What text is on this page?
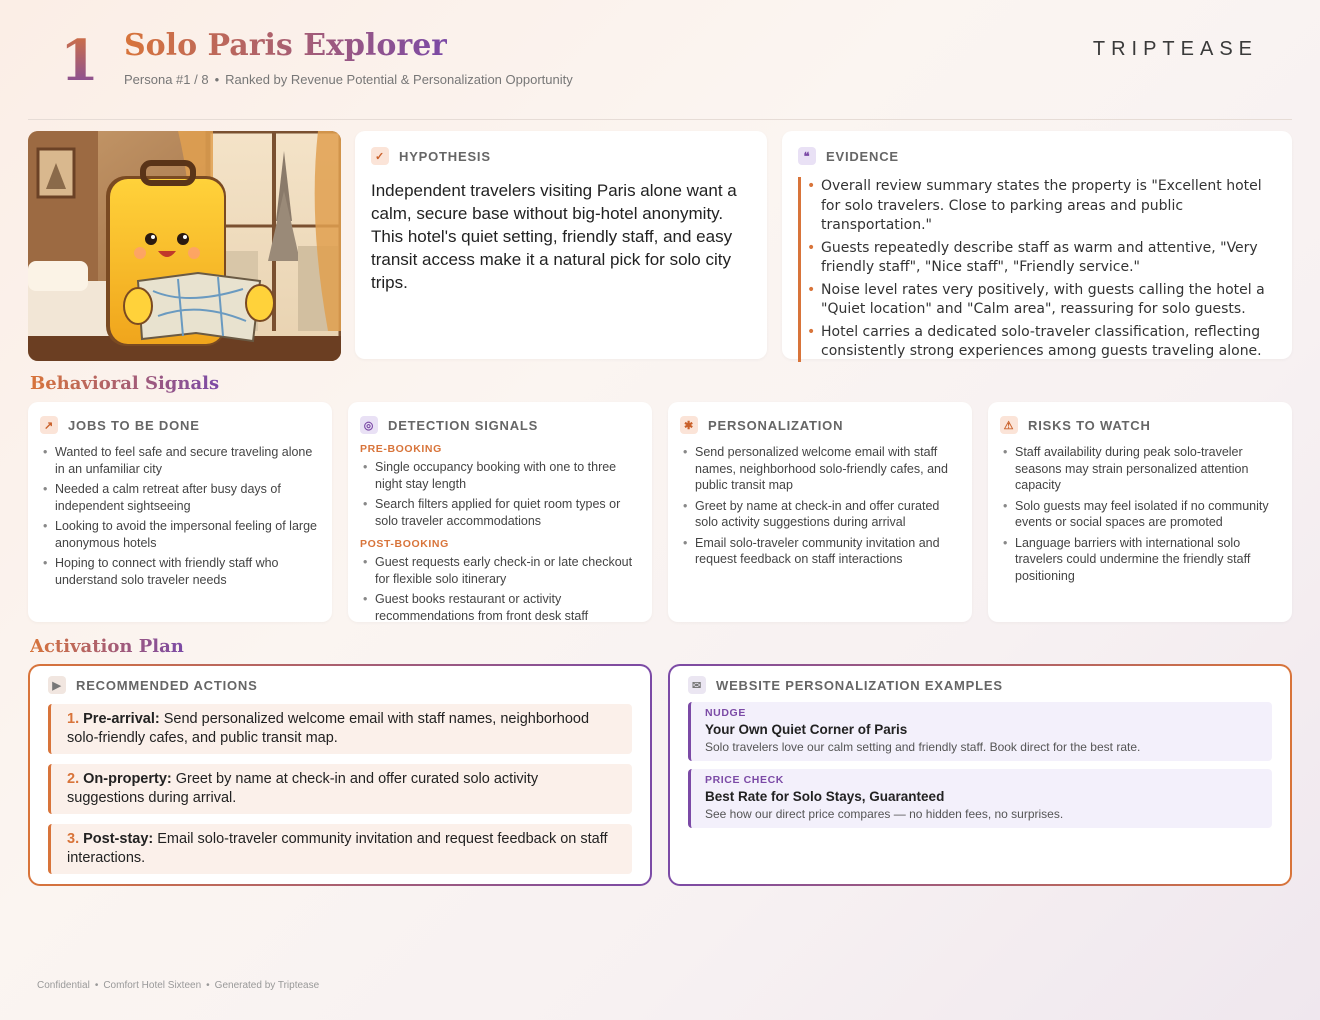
1 Solo Paris Explorer
Persona #1 / 8 • Ranked by Revenue Potential & Personalization Opportunity
TRIPTEASE
✓	HYPOTHESIS
Independent travelers visiting Paris alone want a calm, secure base without big-hotel anonymity. This hotel's quiet setting, friendly staff, and easy transit access make it a natural pick for solo city trips.
❝	EVIDENCE
• Overall review summary states the property is "Excellent hotel for solo travelers. Close to parking areas and public transportation."
• Guests repeatedly describe staff as warm and attentive, "Very friendly staff", "Nice staff", "Friendly service."
• Noise level rates very positively, with guests calling the hotel a "Quiet location" and "Calm area", reassuring for solo guests.
• Hotel carries a dedicated solo-traveler classification, reflecting consistently strong experiences among guests traveling alone.
Behavioral Signals
↗	JOBS TO BE DONE
• Wanted to feel safe and secure traveling alone in an unfamiliar city
• Needed a calm retreat after busy days of independent sightseeing
• Looking to avoid the impersonal feeling of large anonymous hotels
• Hoping to connect with friendly staff who understand solo traveler needs
◎ DETECTION SIGNALS
PRE-BOOKING
• Single occupancy booking with one to three night stay length
• Search filters applied for quiet room types or solo traveler accommodations
POST-BOOKING
• Guest requests early check-in or late checkout for flexible solo itinerary
• Guest books restaurant or activity recommendations from front desk staff
✱	PERSONALIZATION
• Send personalized welcome email with staff names, neighborhood solo-friendly cafes, and public transit map
• Greet by name at check-in and offer curated solo activity suggestions during arrival
• Email solo-traveler community invitation and request feedback on staff interactions
⚠ RISKS TO WATCH
• Staff availability during peak solo-traveler seasons may strain personalized attention capacity
• Solo guests may feel isolated if no community events or social spaces are promoted
• Language barriers with international solo travelers could undermine the friendly staff positioning
Activation Plan
▶	RECOMMENDED ACTIONS
1. Pre-arrival: Send personalized welcome email with staff names, neighborhood solo-friendly cafes, and public transit map.
2. On-property: Greet by name at check-in and offer curated solo activity suggestions during arrival.
3. Post-stay: Email solo-traveler community invitation and request feedback on staff interactions.
✉	WEBSITE PERSONALIZATION EXAMPLES
NUDGE
Your Own Quiet Corner of Paris
Solo travelers love our calm setting and friendly staff. Book direct for the best rate.
PRICE CHECK
Best Rate for Solo Stays, Guaranteed
See how our direct price compares — no hidden fees, no surprises.
Confidential • Comfort Hotel Sixteen • Generated by Triptease
